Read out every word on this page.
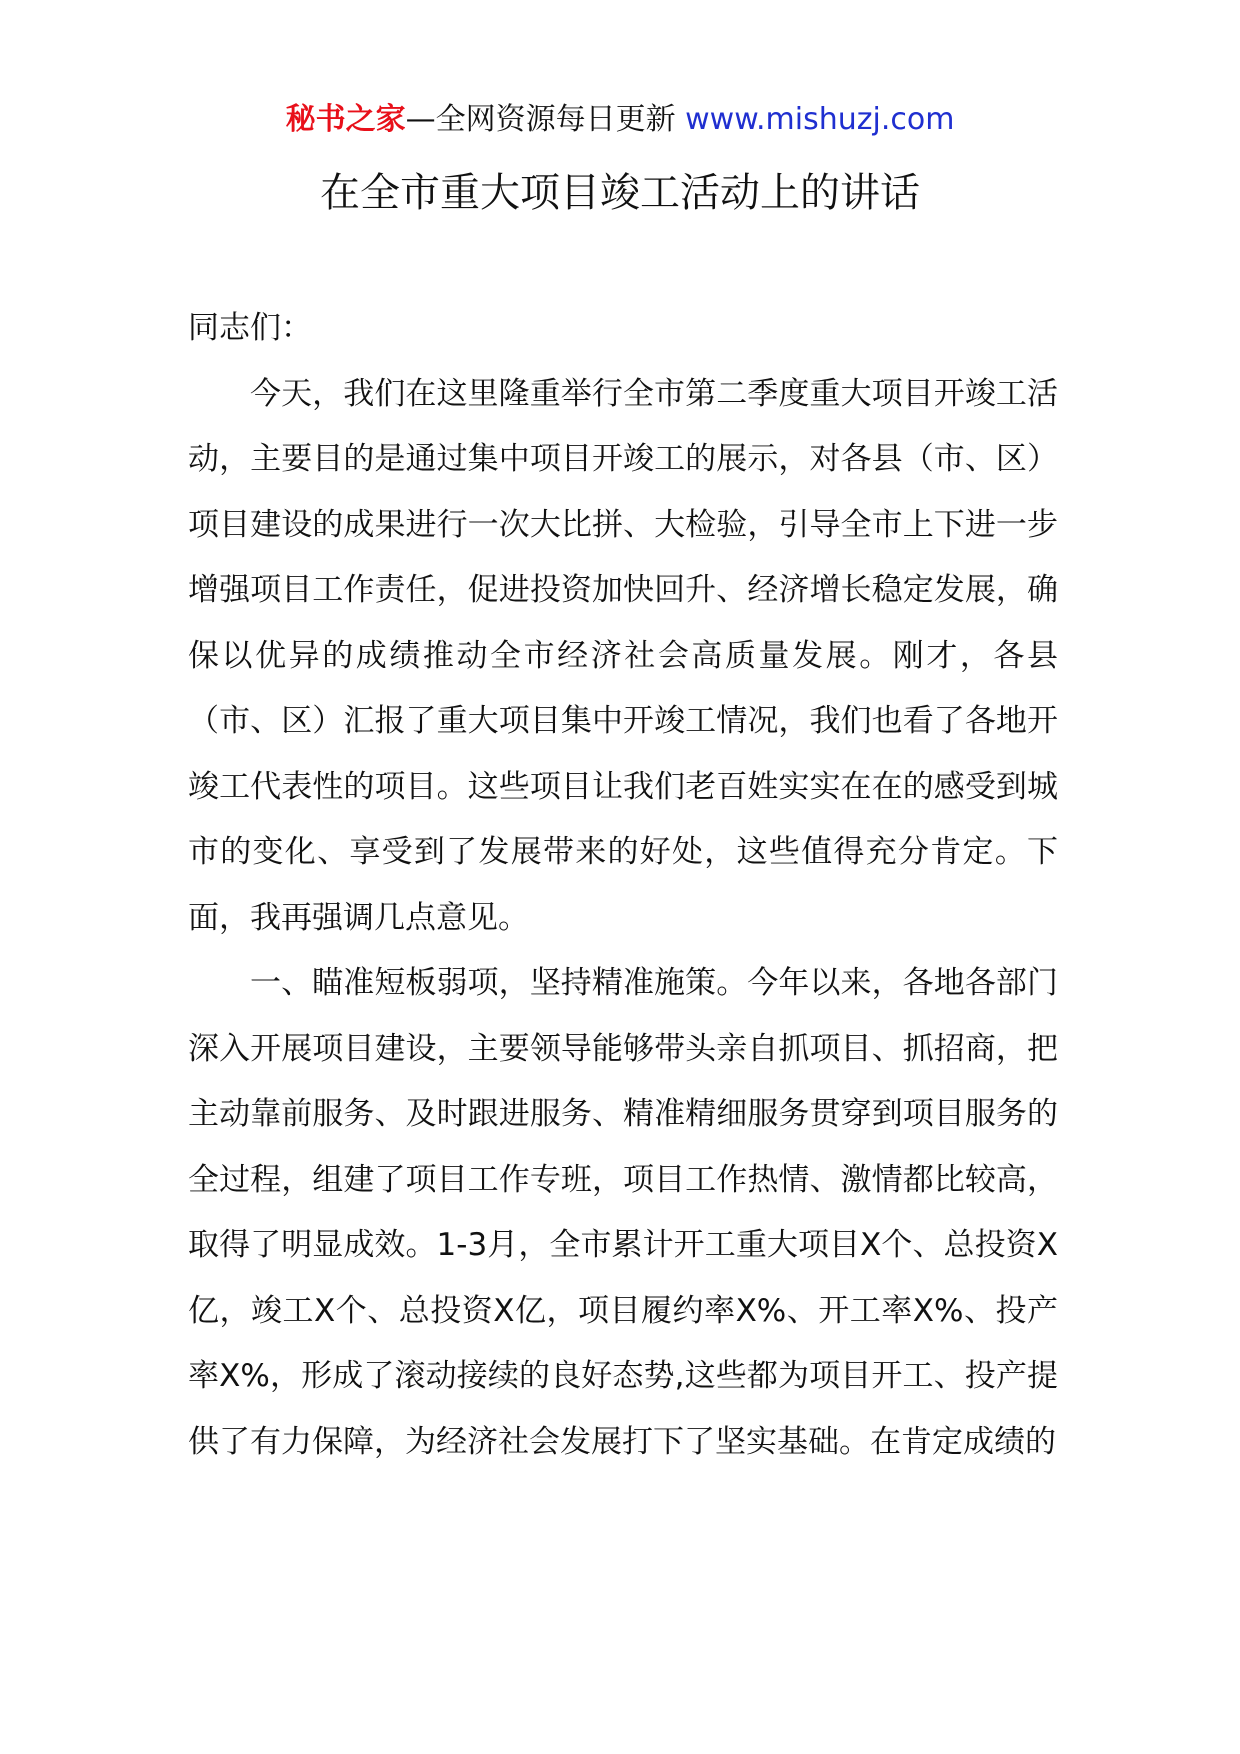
秘书之家—全网资源每日更新 www.mishuzj.com
在全市重大项目竣工活动上的讲话

同志们：

今天，我们在这里隆重举行全市第二季度重大项目开竣工活动，主要目的是通过集中项目开竣工的展示，对各县（市、区）项目建设的成果进行一次大比拼、大检验，引导全市上下进一步增强项目工作责任，促进投资加快回升、经济增长稳定发展，确保以优异的成绩推动全市经济社会高质量发展。刚才，各县（市、区）汇报了重大项目集中开竣工情况，我们也看了各地开竣工代表性的项目。这些项目让我们老百姓实实在在的感受到城市的变化、享受到了发展带来的好处，这些值得充分肯定。下面，我再强调几点意见。

一、瞄准短板弱项，坚持精准施策。今年以来，各地各部门深入开展项目建设，主要领导能够带头亲自抓项目、抓招商，把主动靠前服务、及时跟进服务、精准精细服务贯穿到项目服务的全过程，组建了项目工作专班，项目工作热情、激情都比较高，取得了明显成效。1-3月，全市累计开工重大项目X个、总投资X亿，竣工X个、总投资X亿，项目履约率X%、开工率X%、投产率X%，形成了滚动接续的良好态势,这些都为项目开工、投产提供了有力保障，为经济社会发展打下了坚实基础。在肯定成绩的
